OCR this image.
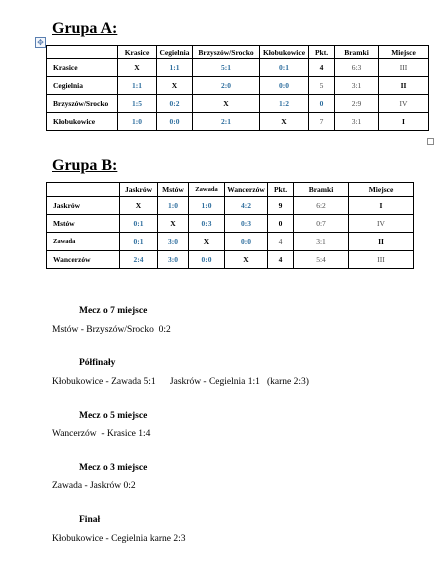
Grupa A:
✥
	Krasice	Cegielnia	Brzyszów/Srocko	Kłobukowice	Pkt.	Bramki	Miejsce
Krasice	X	1:1	5:1	0:1	4	6:3	III
Cegielnia	1:1	X	2:0	0:0	5	3:1	II
Brzyszów/Srocko	1:5	0:2	X	1:2	0	2:9	IV
Kłobukowice	1:0	0:0	2:1	X	7	3:1	I
Grupa B:
	Jaskrów	Mstów	Zawada	Wancerzów	Pkt.	Bramki	Miejsce
Jaskrów	X	1:0	1:0	4:2	9	6:2	I
Mstów	0:1	X	0:3	0:3	0	0:7	IV
Zawada	0:1	3:0	X	0:0	4	3:1	II
Wancerzów	2:4	3:0	0:0	X	4	5:4	III

Mecz o 7 miejsce

Mstów - Brzyszów/Srocko  0:2

Półfinały

Kłobukowice - Zawada 5:1      Jaskrów - Cegielnia 1:1   (karne 2:3)

Mecz o 5 miejsce

Wancerzów  - Krasice 1:4

Mecz o 3 miejsce

Zawada - Jaskrów 0:2

Finał

Kłobukowice - Cegielnia karne 2:3
